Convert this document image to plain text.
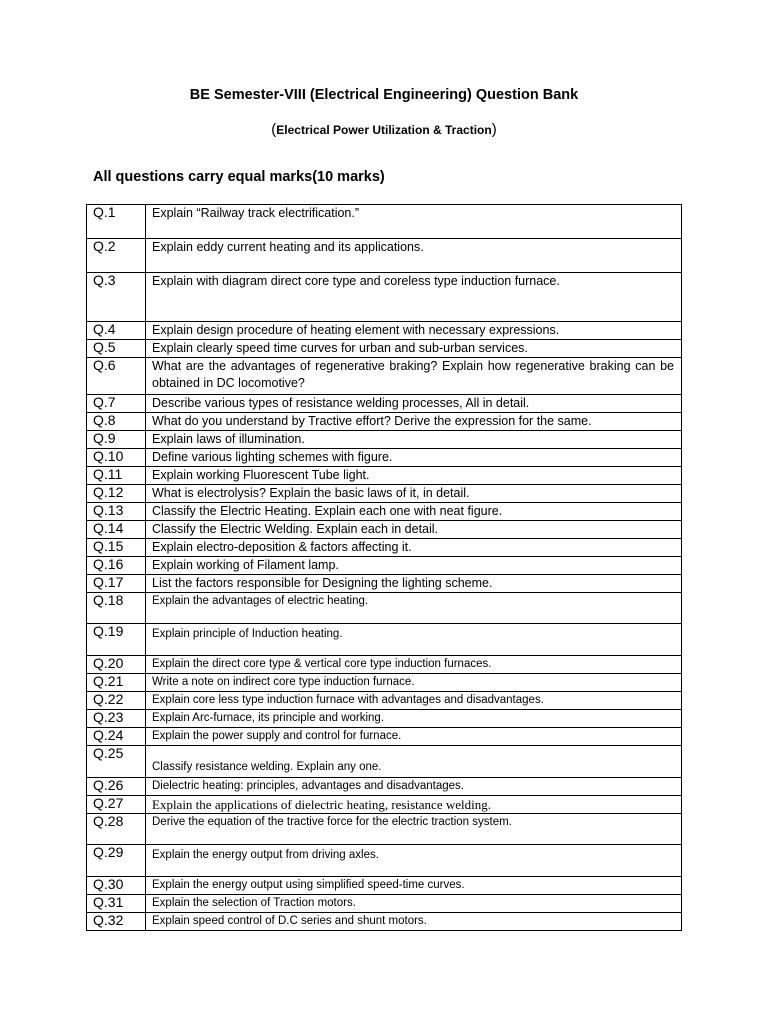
BE Semester-VIII (Electrical Engineering) Question Bank
(Electrical Power Utilization & Traction)
All questions carry equal marks(10 marks)
Q.1	Explain “Railway track electrification.”
Q.2	Explain eddy current heating and its applications.
Q.3	Explain with diagram direct core type and coreless type induction furnace.
Q.4	Explain design procedure of heating element with necessary expressions.
Q.5	Explain clearly speed time curves for urban and sub-urban services.
Q.6	What are the advantages of regenerative braking? Explain how regenerative braking can be obtained in DC locomotive?
Q.7	Describe various types of resistance welding processes, All in detail.
Q.8	What do you understand by Tractive effort? Derive the expression for the same.
Q.9	Explain laws of illumination.
Q.10	Define various lighting schemes with figure.
Q.11	Explain working Fluorescent Tube light.
Q.12	What is electrolysis? Explain the basic laws of it, in detail.
Q.13	Classify the Electric Heating. Explain each one with neat figure.
Q.14	Classify the Electric Welding. Explain each in detail.
Q.15	Explain electro-deposition & factors affecting it.
Q.16	Explain working of Filament lamp.
Q.17	List the factors responsible for Designing the lighting scheme.
Q.18	Explain the advantages of electric heating.
Q.19	Explain principle of Induction heating.
Q.20	Explain the direct core type & vertical core type induction furnaces.
Q.21	Write a note on indirect core type induction furnace.
Q.22	Explain core less type induction furnace with advantages and disadvantages.
Q.23	Explain Arc-furnace, its principle and working.
Q.24	Explain the power supply and control for furnace.
Q.25	Classify resistance welding. Explain any one.
Q.26	Dielectric heating: principles, advantages and disadvantages.
Q.27	Explain the applications of dielectric heating, resistance welding.
Q.28	Derive the equation of the tractive force for the electric traction system.
Q.29	Explain the energy output from driving axles.
Q.30	Explain the energy output using simplified speed-time curves.
Q.31	Explain the selection of Traction motors.
Q.32	Explain speed control of D.C series and shunt motors.
